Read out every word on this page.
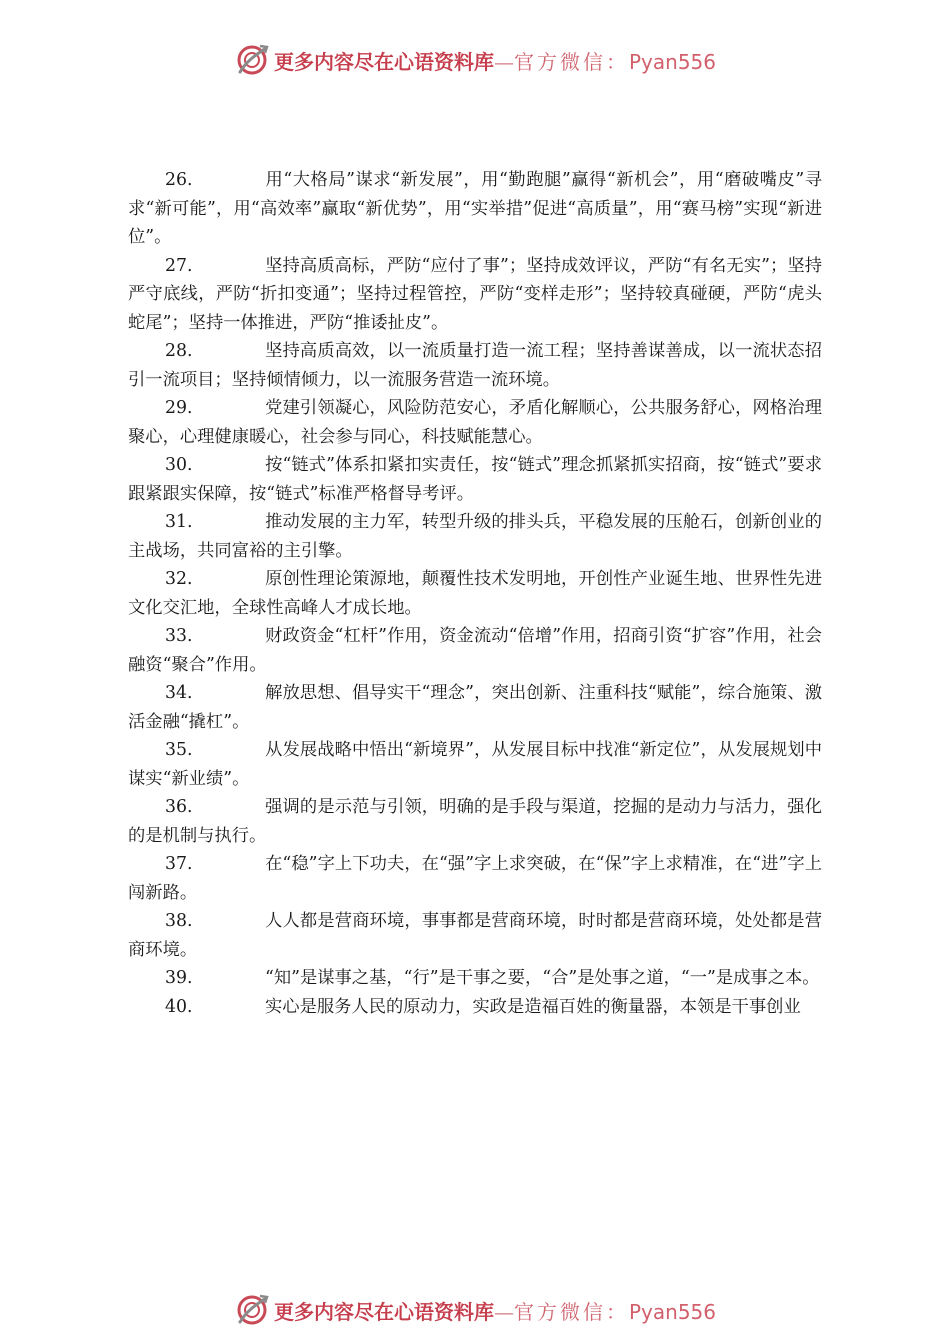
更多内容尽在心语资料库—官方微信：Pyan556

26.	用“大格局”谋求“新发展”，用“勤跑腿”赢得“新机会”，用“磨破嘴皮”寻求“新可能”，用“高效率”赢取“新优势”，用“实举措”促进“高质量”，用“赛马榜”实现“新进位”。

27.	坚持高质高标，严防“应付了事”；坚持成效评议，严防“有名无实”；坚持严守底线，严防“折扣变通”；坚持过程管控，严防“变样走形”；坚持较真碰硬，严防“虎头蛇尾”；坚持一体推进，严防“推诿扯皮”。

28.	坚持高质高效，以一流质量打造一流工程；坚持善谋善成，以一流状态招引一流项目；坚持倾情倾力，以一流服务营造一流环境。

29.	党建引领凝心，风险防范安心，矛盾化解顺心，公共服务舒心，网格治理聚心，心理健康暖心，社会参与同心，科技赋能慧心。

30.	按“链式”体系扣紧扣实责任，按“链式”理念抓紧抓实招商，按“链式”要求跟紧跟实保障，按“链式”标准严格督导考评。

31.	推动发展的主力军，转型升级的排头兵，平稳发展的压舱石，创新创业的主战场，共同富裕的主引擎。

32.	原创性理论策源地，颠覆性技术发明地，开创性产业诞生地、世界性先进文化交汇地，全球性高峰人才成长地。

33.	财政资金“杠杆”作用，资金流动“倍增”作用，招商引资“扩容”作用，社会融资“聚合”作用。

34.	解放思想、倡导实干“理念”，突出创新、注重科技“赋能”，综合施策、激活金融“撬杠”。

35.	从发展战略中悟出“新境界”，从发展目标中找准“新定位”，从发展规划中谋实“新业绩”。

36.	强调的是示范与引领，明确的是手段与渠道，挖掘的是动力与活力，强化的是机制与执行。

37.	在“稳”字上下功夫，在“强”字上求突破，在“保”字上求精准，在“进”字上闯新路。

38.	人人都是营商环境，事事都是营商环境，时时都是营商环境，处处都是营商环境。

39.	“知”是谋事之基，“行”是干事之要，“合”是处事之道，“一”是成事之本。

40.	实心是服务人民的原动力，实政是造福百姓的衡量器，本领是干事创业

更多内容尽在心语资料库—官方微信：Pyan556
